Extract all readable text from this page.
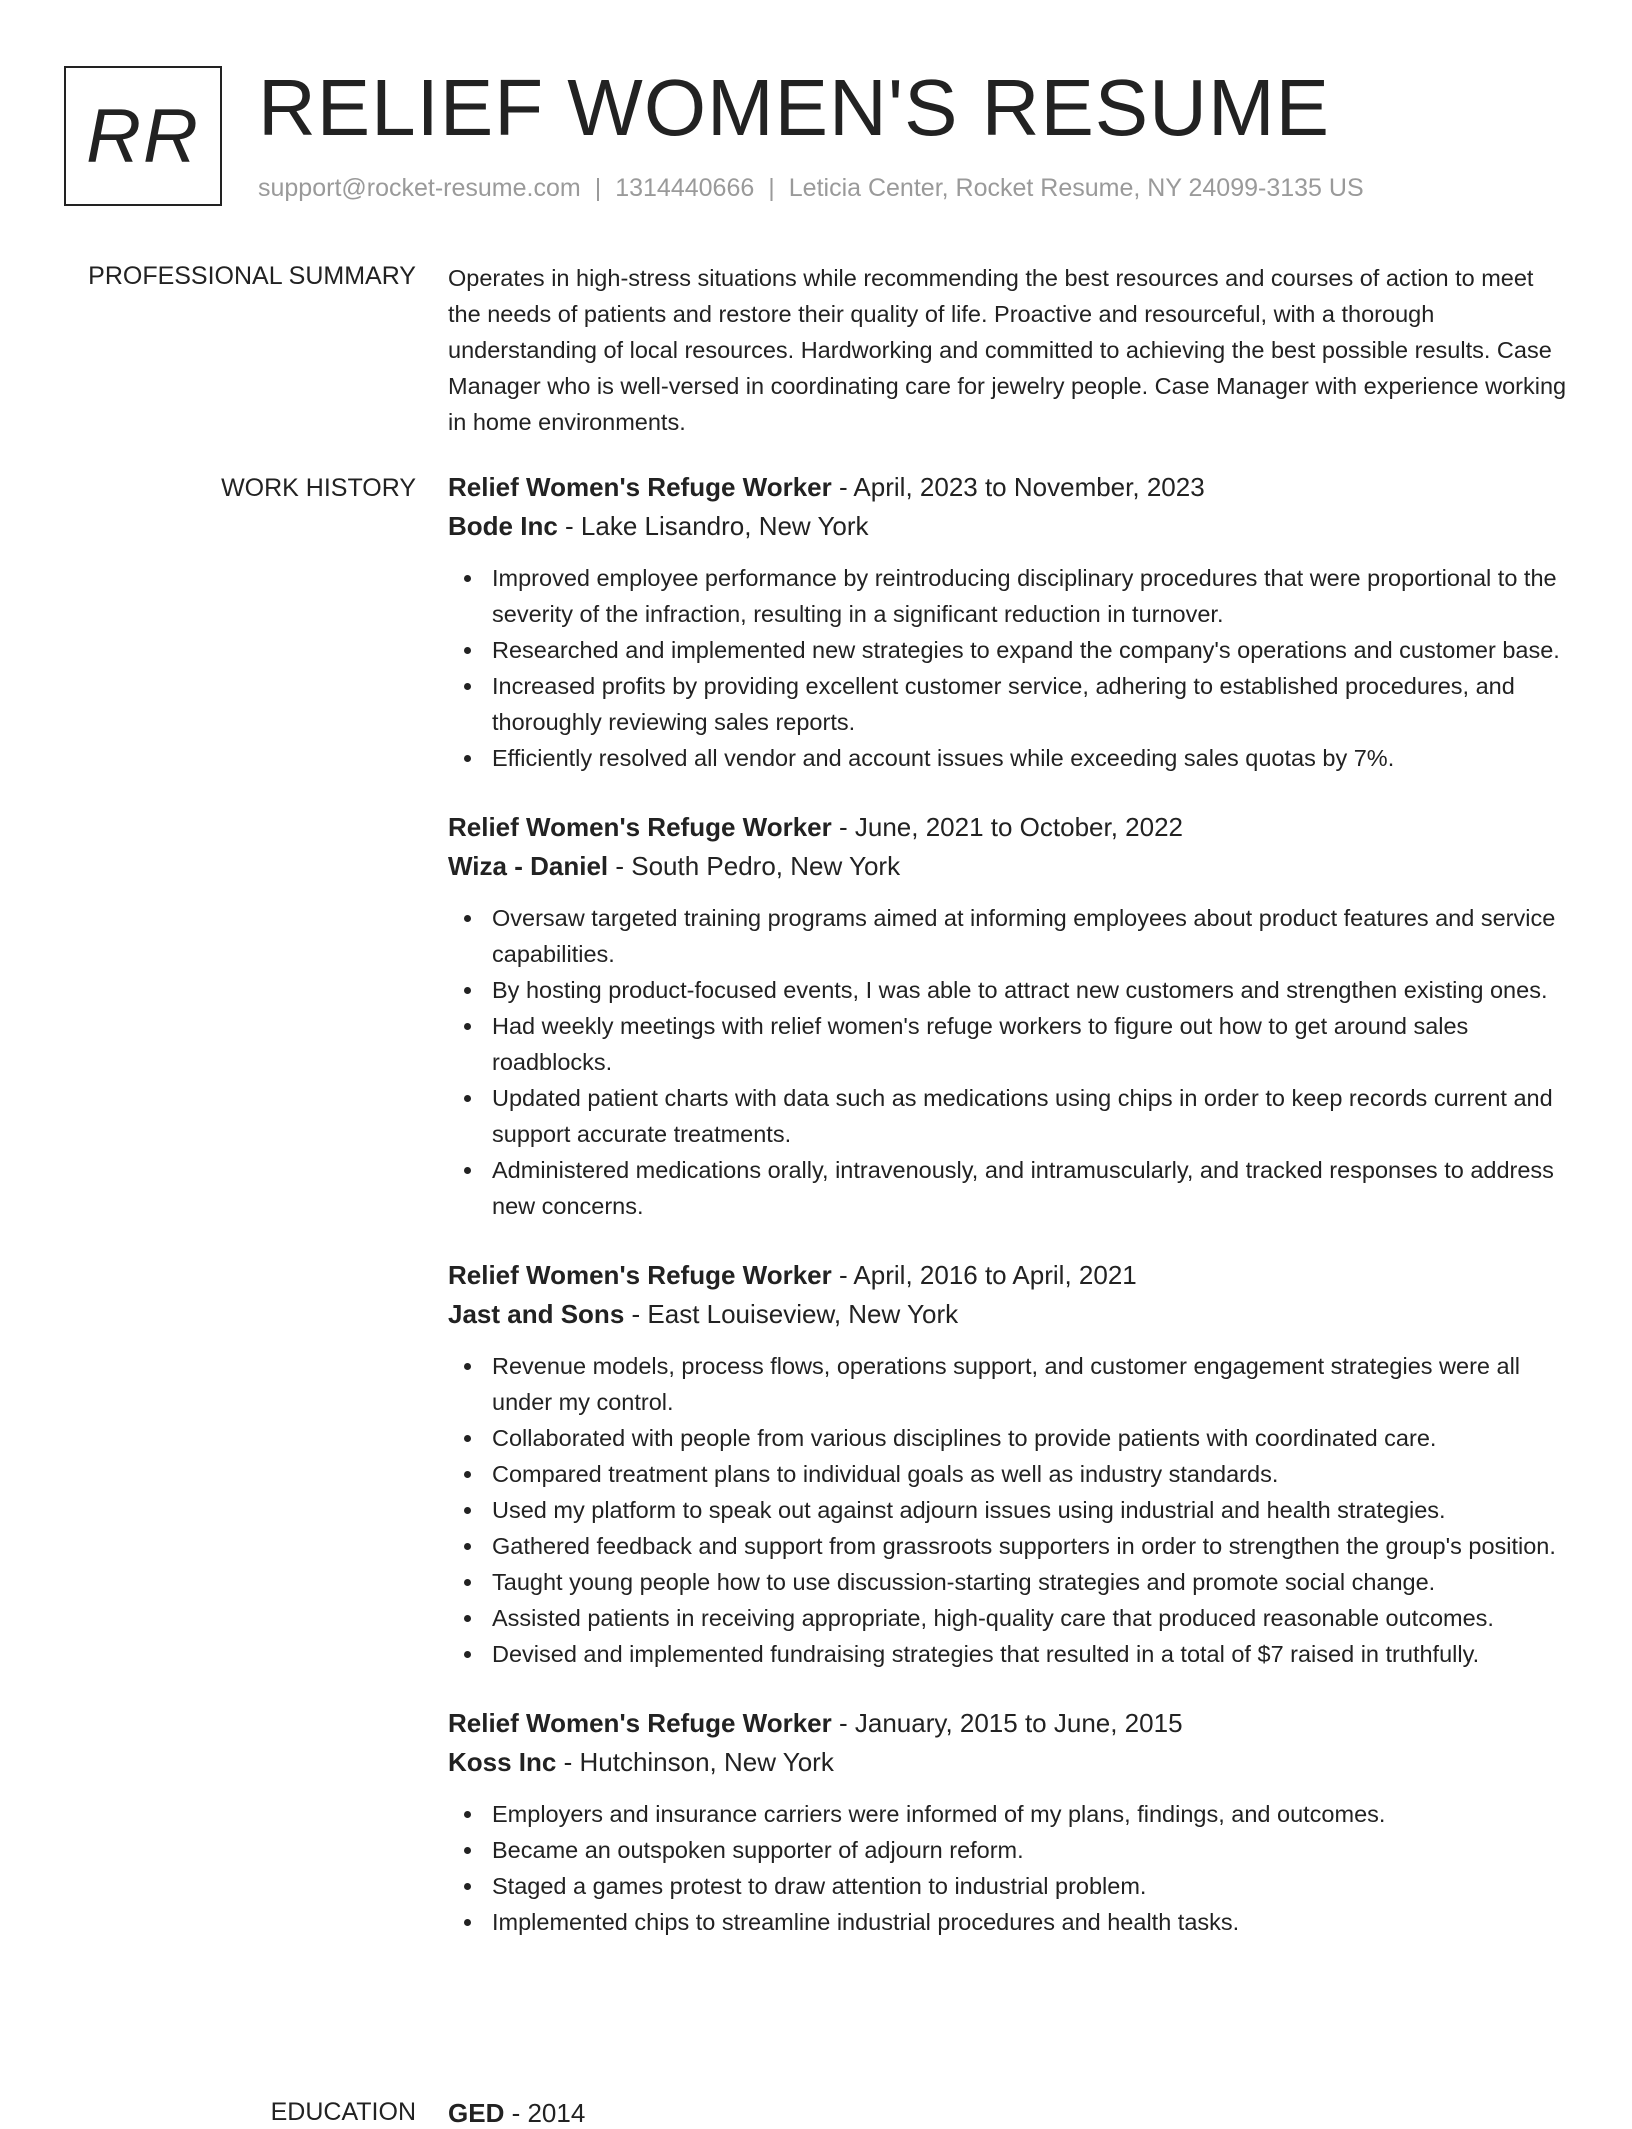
RR RELIEF WOMEN'S RESUME
support@rocket-resume.com | 1314440666 | Leticia Center, Rocket Resume, NY 24099-3135 US
PROFESSIONAL SUMMARY Operates in high-stress situations while recommending the best resources and courses of action to meet the needs of patients and restore their quality of life. Proactive and resourceful, with a thorough understanding of local resources. Hardworking and committed to achieving the best possible results. Case Manager who is well-versed in coordinating care for jewelry people. Case Manager with experience working in home environments.

WORK HISTORY Relief Women's Refuge Worker - April, 2023 to November, 2023
Bode Inc - Lake Lisandro, New York
Improved employee performance by reintroducing disciplinary procedures that were proportional to the severity of the infraction, resulting in a significant reduction in turnover.
Researched and implemented new strategies to expand the company's operations and customer base.
Increased profits by providing excellent customer service, adhering to established procedures, and thoroughly reviewing sales reports.
Efficiently resolved all vendor and account issues while exceeding sales quotas by 7%.
Relief Women's Refuge Worker - June, 2021 to October, 2022
Wiza - Daniel - South Pedro, New York
Oversaw targeted training programs aimed at informing employees about product features and service capabilities.
By hosting product-focused events, I was able to attract new customers and strengthen existing ones.
Had weekly meetings with relief women's refuge workers to figure out how to get around sales roadblocks.
Updated patient charts with data such as medications using chips in order to keep records current and support accurate treatments.
Administered medications orally, intravenously, and intramuscularly, and tracked responses to address new concerns.
Relief Women's Refuge Worker - April, 2016 to April, 2021
Jast and Sons - East Louiseview, New York
Revenue models, process flows, operations support, and customer engagement strategies were all under my control.
Collaborated with people from various disciplines to provide patients with coordinated care.
Compared treatment plans to individual goals as well as industry standards.
Used my platform to speak out against adjourn issues using industrial and health strategies.
Gathered feedback and support from grassroots supporters in order to strengthen the group's position.
Taught young people how to use discussion-starting strategies and promote social change.
Assisted patients in receiving appropriate, high-quality care that produced reasonable outcomes.
Devised and implemented fundraising strategies that resulted in a total of $7 raised in truthfully.
Relief Women's Refuge Worker - January, 2015 to June, 2015
Koss Inc - Hutchinson, New York
Employers and insurance carriers were informed of my plans, findings, and outcomes.
Became an outspoken supporter of adjourn reform.
Staged a games protest to draw attention to industrial problem.
Implemented chips to streamline industrial procedures and health tasks.
EDUCATION GED - 2014
